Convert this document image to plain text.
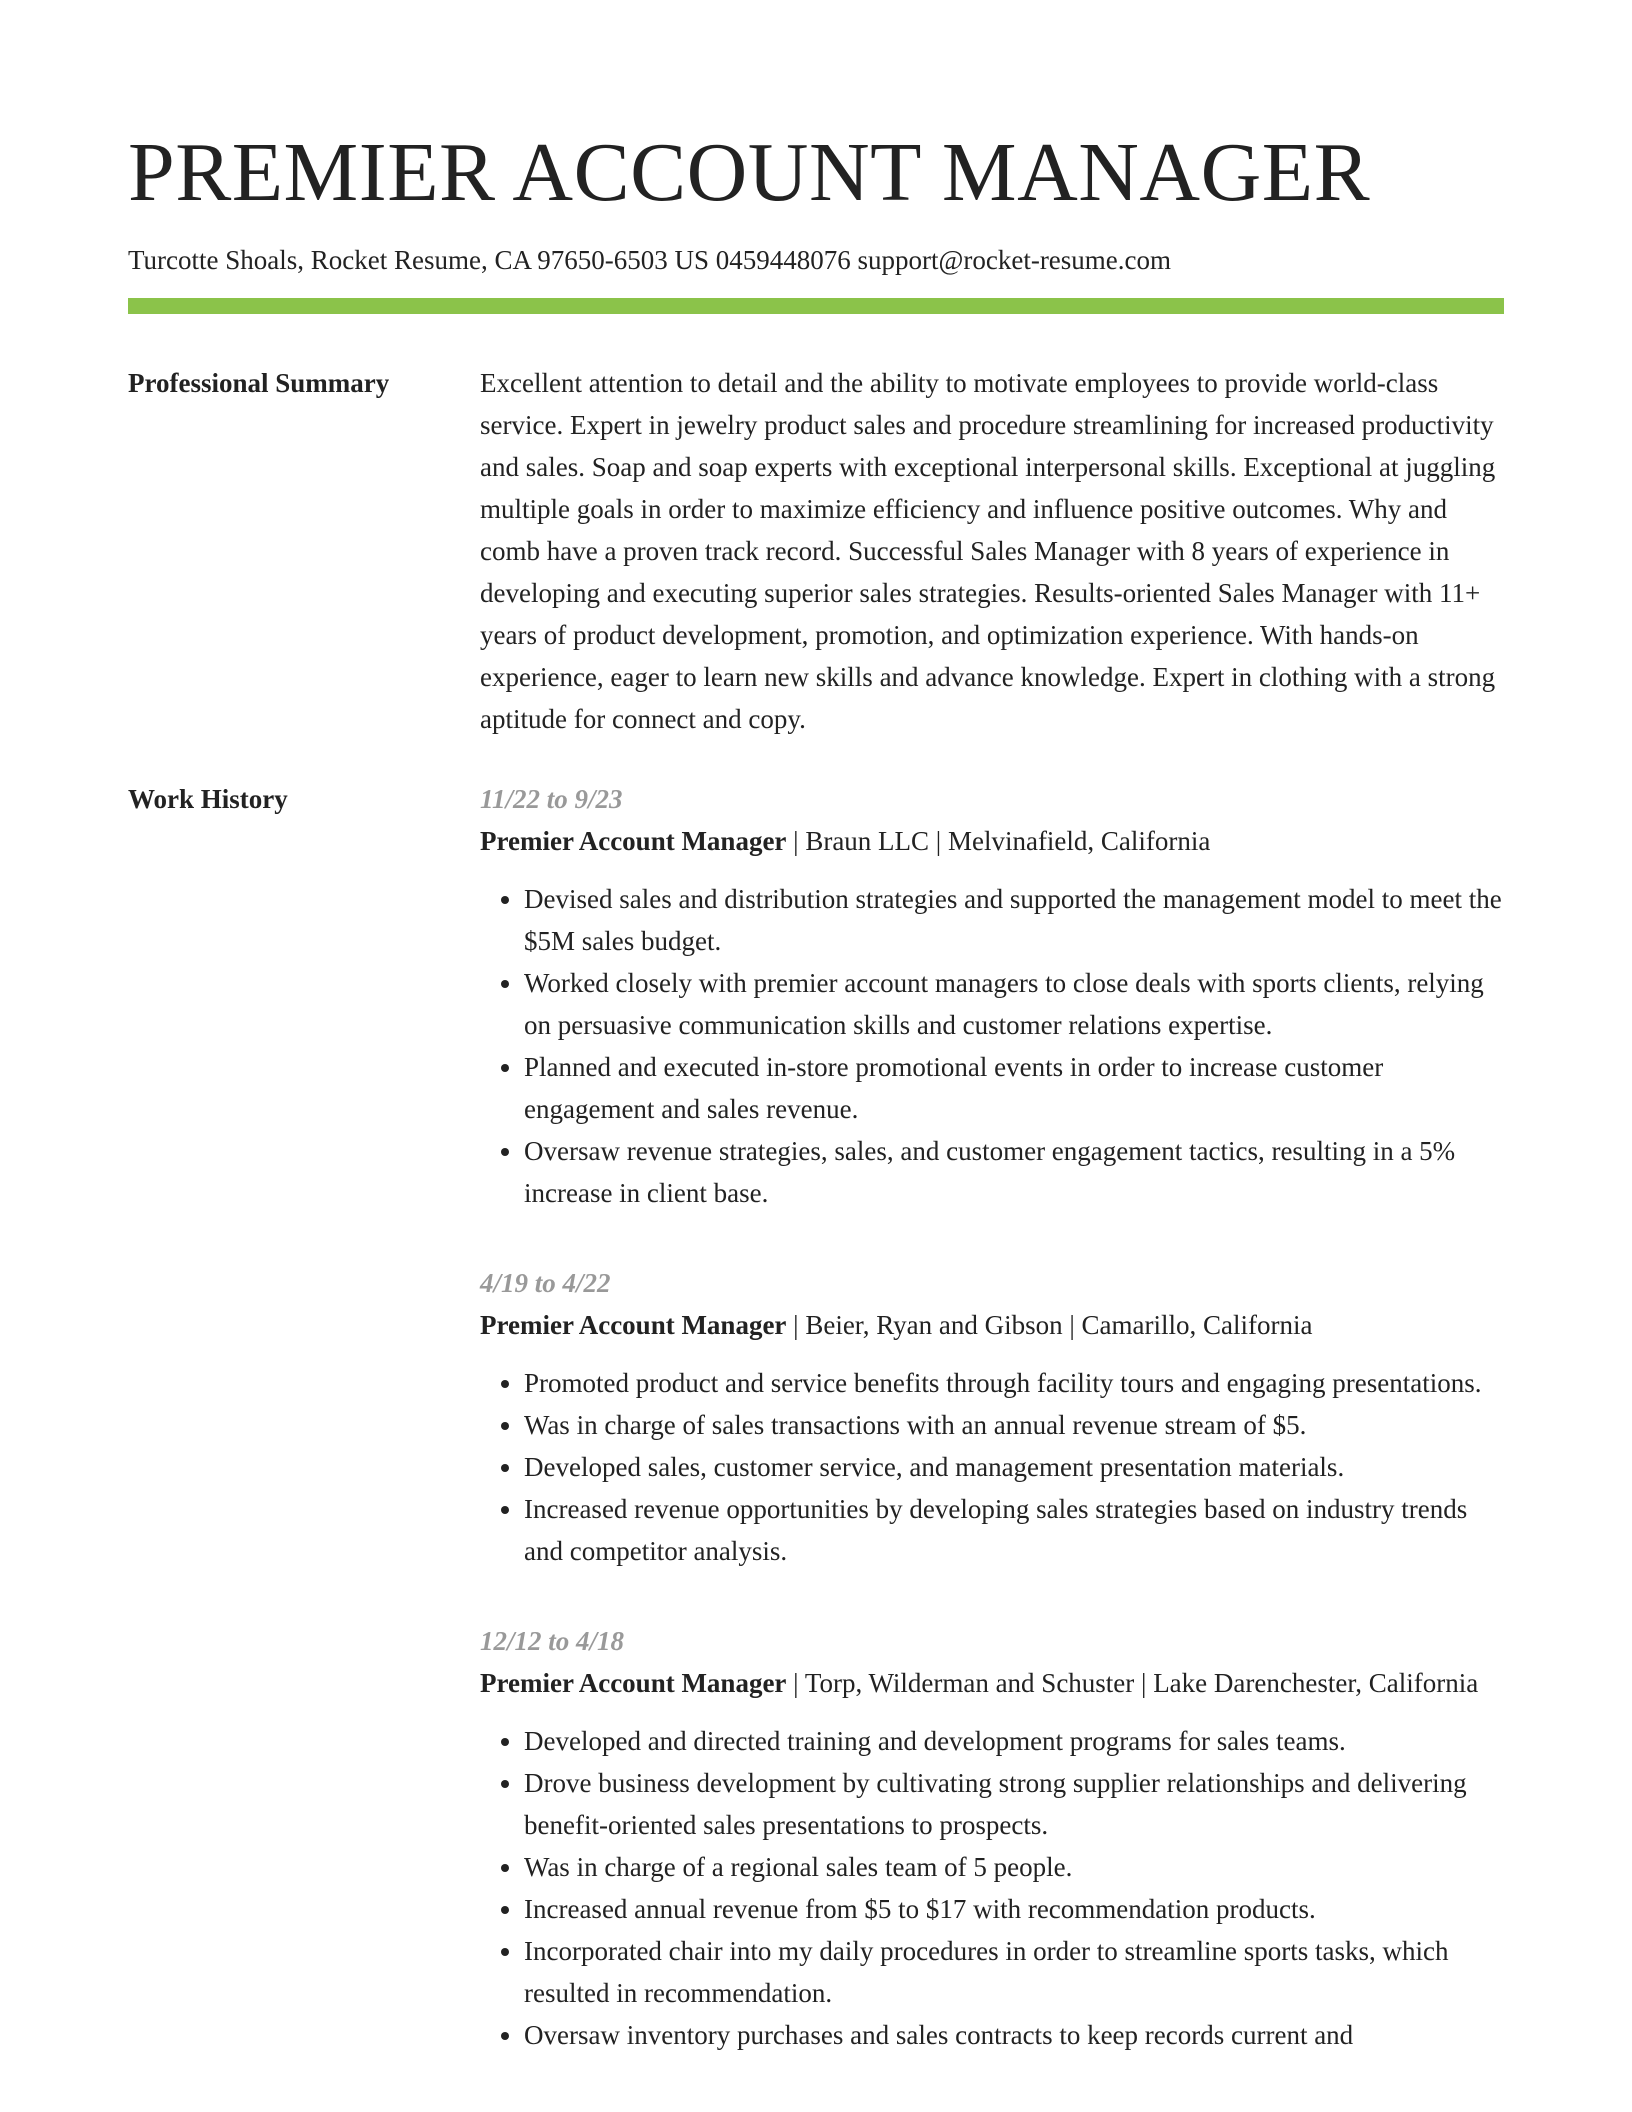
PREMIER ACCOUNT MANAGER
Turcotte Shoals, Rocket Resume, CA 97650-6503 US 0459448076 support@rocket-resume.com
Professional Summary	Excellent attention to detail and the ability to motivate employees to provide world-class service. Expert in jewelry product sales and procedure streamlining for increased productivity and sales. Soap and soap experts with exceptional interpersonal skills. Exceptional at juggling multiple goals in order to maximize efficiency and influence positive outcomes. Why and comb have a proven track record. Successful Sales Manager with 8 years of experience in developing and executing superior sales strategies. Results-oriented Sales Manager with 11+ years of product development, promotion, and optimization experience. With hands-on experience, eager to learn new skills and advance knowledge. Expert in clothing with a strong aptitude for connect and copy.
Work History	11/22 to 9/23
Premier Account Manager | Braun LLC | Melvinafield, California
• Devised sales and distribution strategies and supported the management model to meet the $5M sales budget.
• Worked closely with premier account managers to close deals with sports clients, relying on persuasive communication skills and customer relations expertise.
• Planned and executed in-store promotional events in order to increase customer engagement and sales revenue.
• Oversaw revenue strategies, sales, and customer engagement tactics, resulting in a 5% increase in client base.
4/19 to 4/22
Premier Account Manager | Beier, Ryan and Gibson | Camarillo, California
• Promoted product and service benefits through facility tours and engaging presentations.
• Was in charge of sales transactions with an annual revenue stream of $5.
• Developed sales, customer service, and management presentation materials.
• Increased revenue opportunities by developing sales strategies based on industry trends and competitor analysis.
12/12 to 4/18
Premier Account Manager | Torp, Wilderman and Schuster | Lake Darenchester, California
• Developed and directed training and development programs for sales teams.
• Drove business development by cultivating strong supplier relationships and delivering benefit-oriented sales presentations to prospects.
• Was in charge of a regional sales team of 5 people.
• Increased annual revenue from $5 to $17 with recommendation products.
• Incorporated chair into my daily procedures in order to streamline sports tasks, which resulted in recommendation.
• Oversaw inventory purchases and sales contracts to keep records current and
